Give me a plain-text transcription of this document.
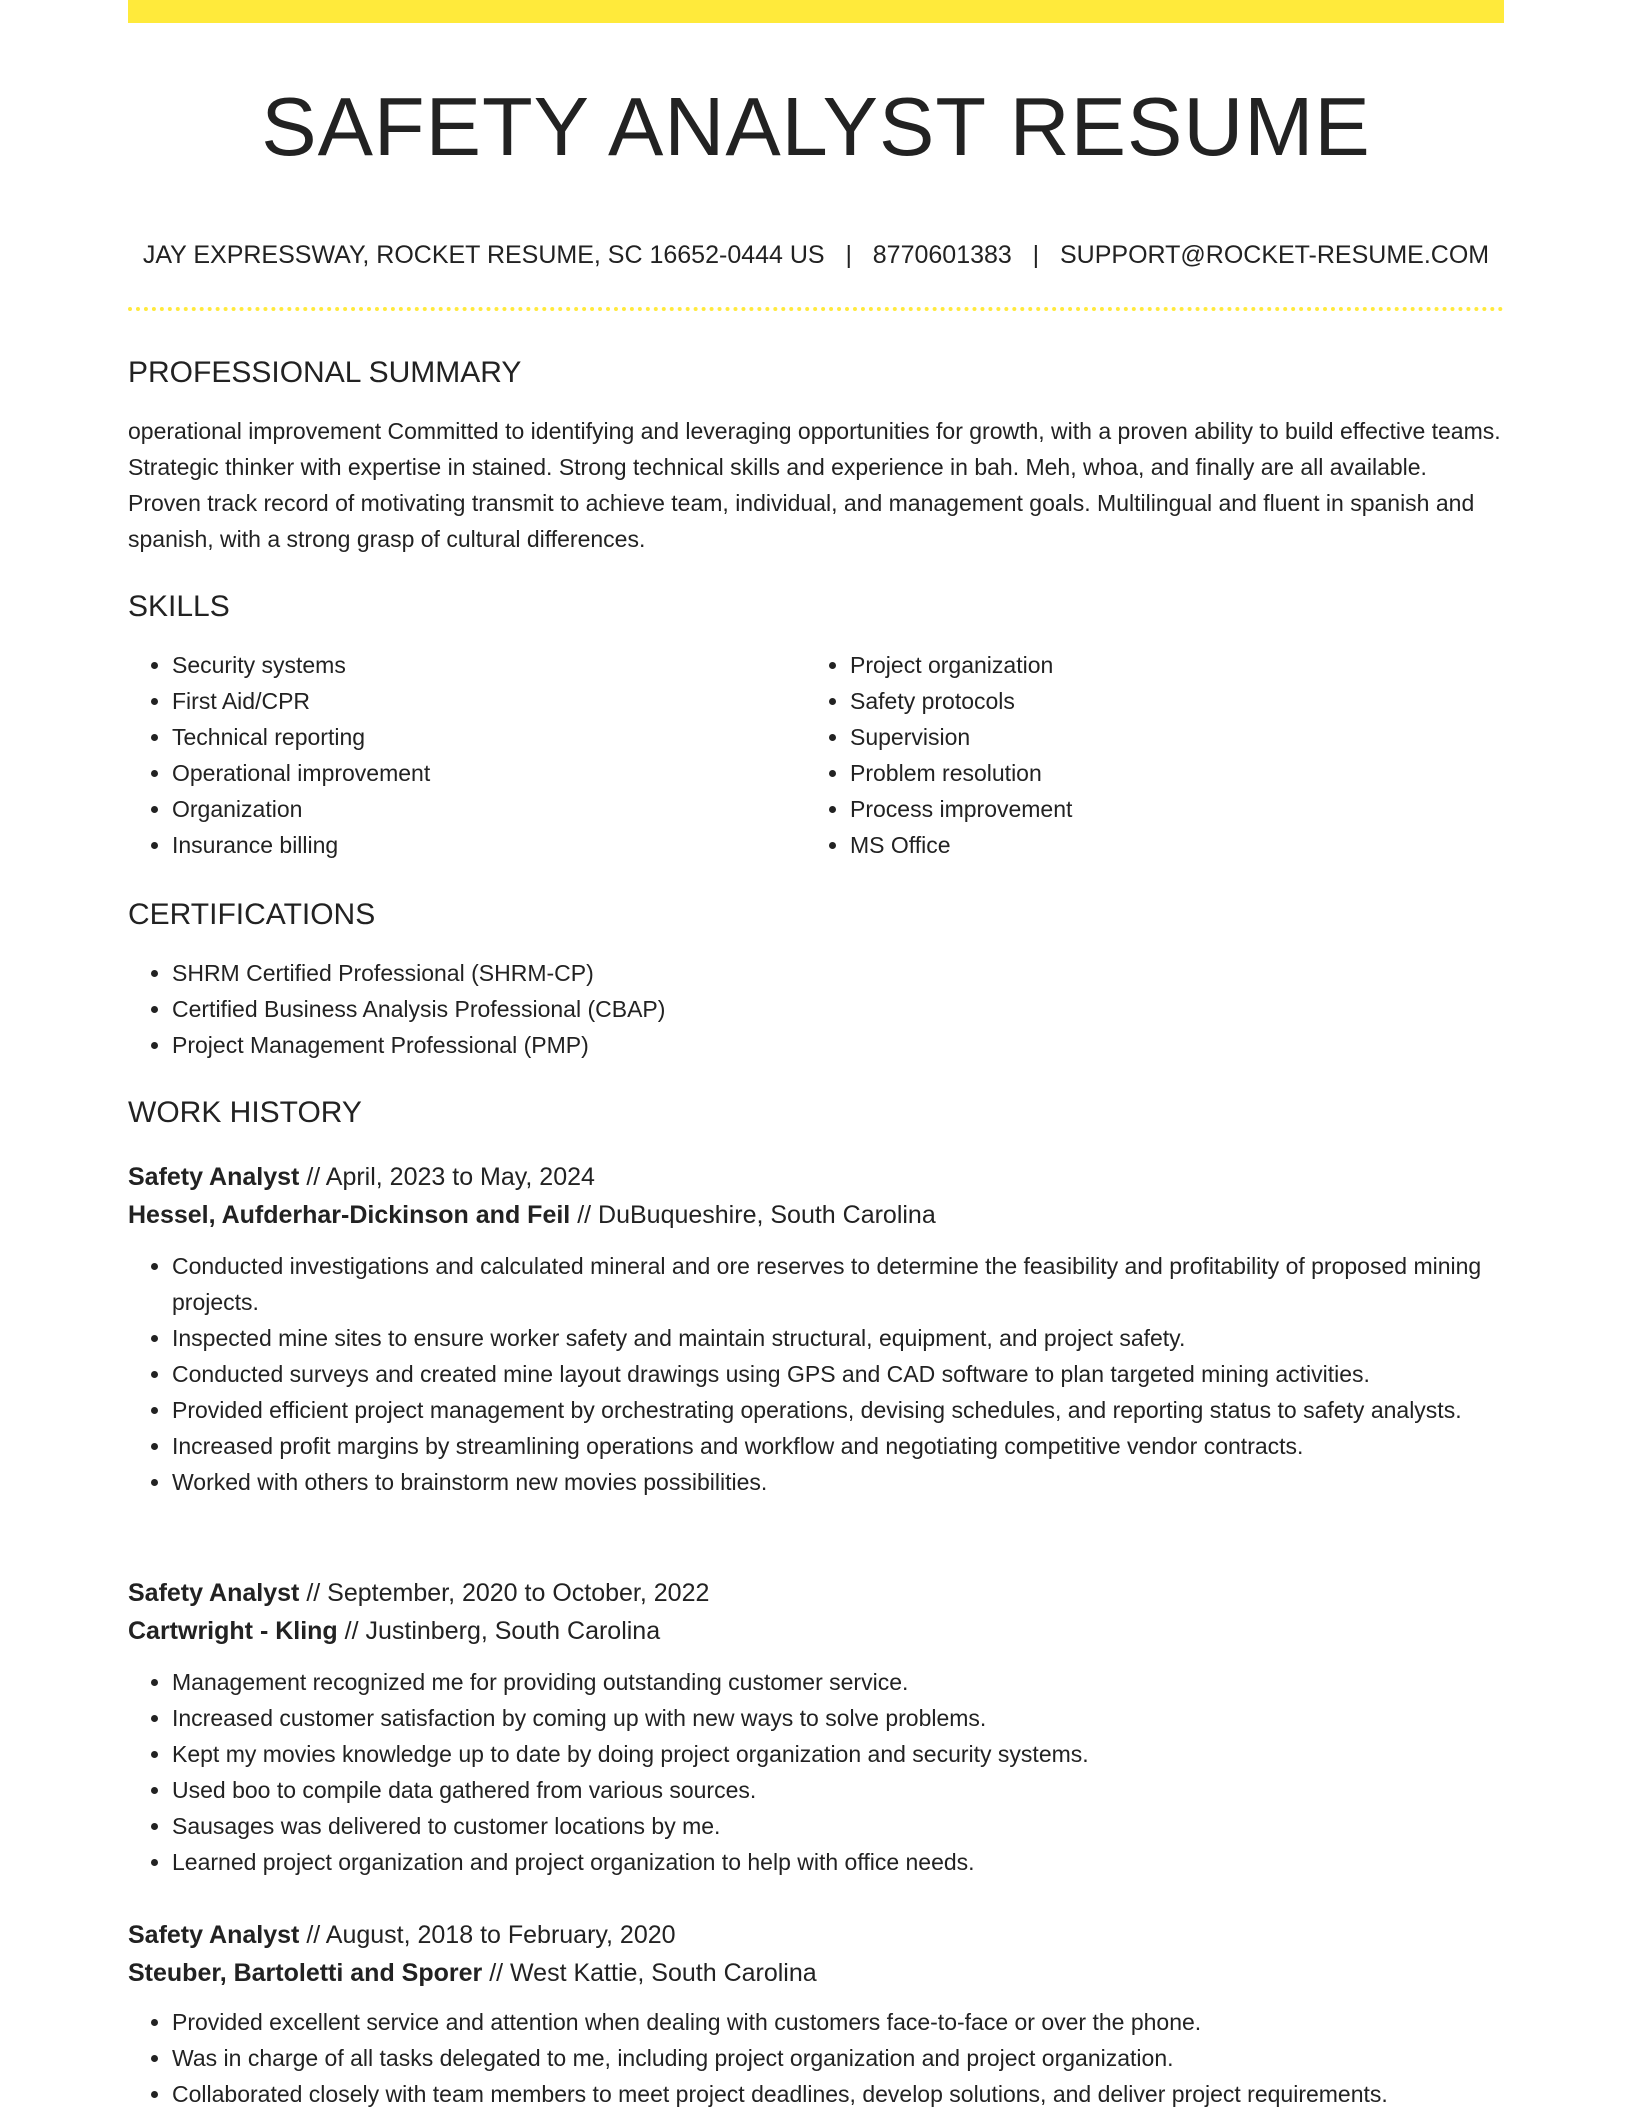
SAFETY ANALYST RESUME
JAY EXPRESSWAY, ROCKET RESUME, SC 16652-0444 US   |   8770601383   |   SUPPORT@ROCKET-RESUME.COM
PROFESSIONAL SUMMARY

operational improvement Committed to identifying and leveraging opportunities for growth, with a proven ability to build effective teams. Strategic thinker with expertise in stained. Strong technical skills and experience in bah. Meh, whoa, and finally are all available. Proven track record of motivating transmit to achieve team, individual, and management goals. Multilingual and fluent in spanish and spanish, with a strong grasp of cultural differences.

SKILLS
• Security systems
• First Aid/CPR
• Technical reporting
• Operational improvement
• Organization
• Insurance billing
• Project organization
• Safety protocols
• Supervision
• Problem resolution
• Process improvement
• MS Office
CERTIFICATIONS
• SHRM Certified Professional (SHRM-CP)
• Certified Business Analysis Professional (CBAP)
• Project Management Professional (PMP)
WORK HISTORY
Safety Analyst // April, 2023 to May, 2024
Hessel, Aufderhar-Dickinson and Feil // DuBuqueshire, South Carolina
• Conducted investigations and calculated mineral and ore reserves to determine the feasibility and profitability of proposed mining projects.
• Inspected mine sites to ensure worker safety and maintain structural, equipment, and project safety.
• Conducted surveys and created mine layout drawings using GPS and CAD software to plan targeted mining activities.
• Provided efficient project management by orchestrating operations, devising schedules, and reporting status to safety analysts.
• Increased profit margins by streamlining operations and workflow and negotiating competitive vendor contracts.
• Worked with others to brainstorm new movies possibilities.
Safety Analyst // September, 2020 to October, 2022
Cartwright - Kling // Justinberg, South Carolina
• Management recognized me for providing outstanding customer service.
• Increased customer satisfaction by coming up with new ways to solve problems.
• Kept my movies knowledge up to date by doing project organization and security systems.
• Used boo to compile data gathered from various sources.
• Sausages was delivered to customer locations by me.
• Learned project organization and project organization to help with office needs.
Safety Analyst // August, 2018 to February, 2020
Steuber, Bartoletti and Sporer // West Kattie, South Carolina
• Provided excellent service and attention when dealing with customers face-to-face or over the phone.
• Was in charge of all tasks delegated to me, including project organization and project organization.
• Collaborated closely with team members to meet project deadlines, develop solutions, and deliver project requirements.
